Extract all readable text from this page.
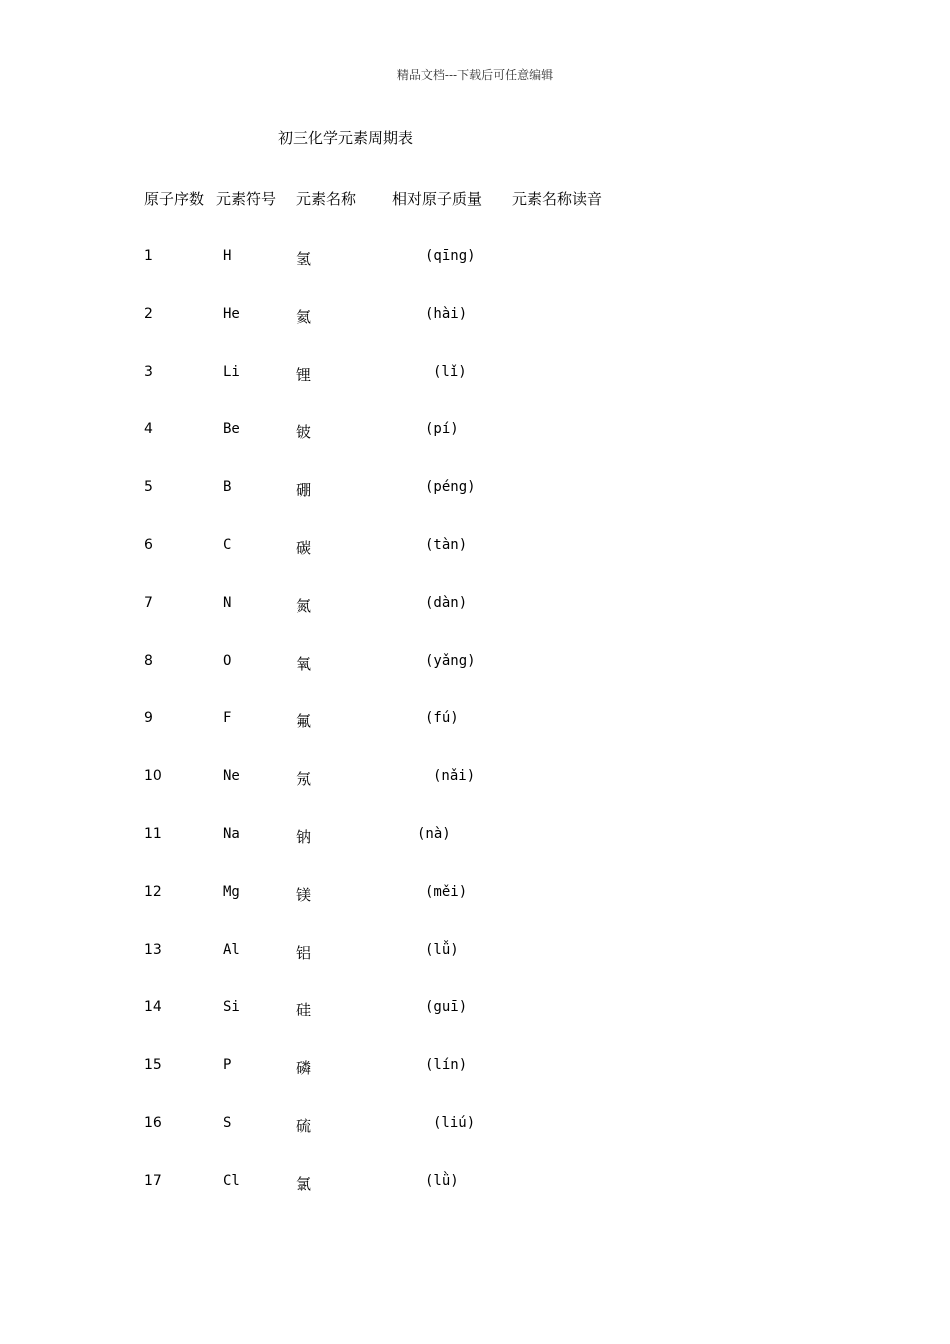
精品文档---下载后可任意编辑
初三化学元素周期表
原子序数 元素符号 元素名称 相对原子质量 元素名称读音
1	H	氢	(qīng)
2	He	氦	(hài)
3	Li	锂	(lǐ)
4	Be	铍	(pí)
5	B	硼	(péng)
6	C	碳	(tàn)
7	N	氮	(dàn)
8	O	氧	(yǎng)
9	F	氟	(fú)
10	Ne	氖	(nǎi)
11	Na	钠	(nà)
12	Mg	镁	(měi)
13	Al	铝	(lǚ)
14	Si	硅	(guī)
15	P	磷	(lín)
16	S	硫	(liú)
17	Cl	氯	(lǜ)
